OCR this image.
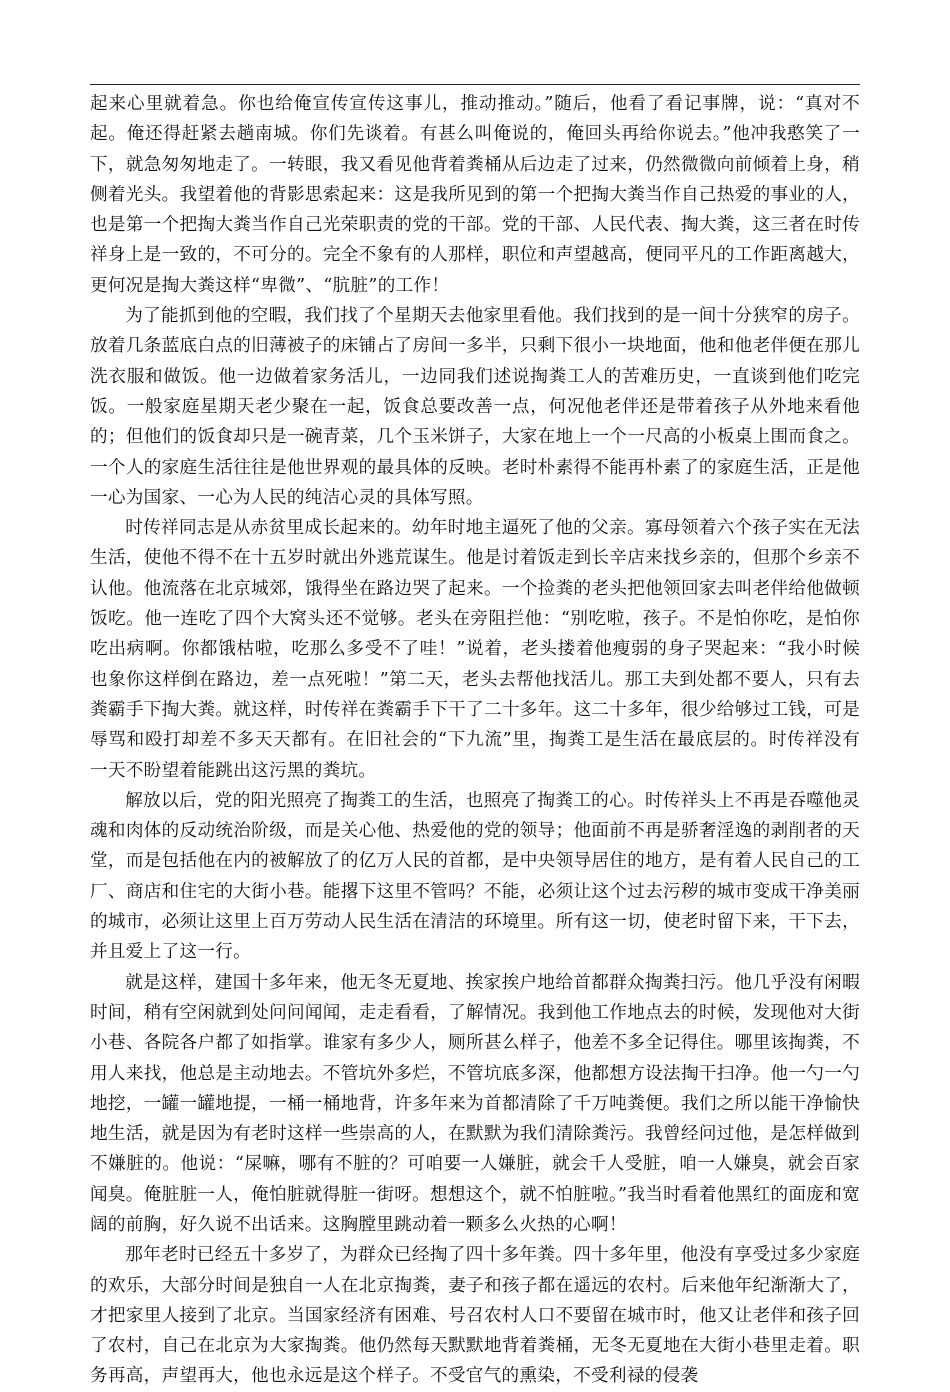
起来心里就着急。你也给俺宣传宣传这事儿，推动推动。”随后，他看了看记事牌，说：“真对不起。俺还得赶紧去趟南城。你们先谈着。有甚么叫俺说的，俺回头再给你说去。”他冲我憨笑了一下，就急匆匆地走了。一转眼，我又看见他背着粪桶从后边走了过来，仍然微微向前倾着上身，稍侧着光头。我望着他的背影思索起来：这是我所见到的第一个把掏大粪当作自己热爱的事业的人，也是第一个把掏大粪当作自己光荣职责的党的干部。党的干部、人民代表、掏大粪，这三者在时传祥身上是一致的，不可分的。完全不象有的人那样，职位和声望越高，便同平凡的工作距离越大，更何况是掏大粪这样“卑微”、“肮脏”的工作！

为了能抓到他的空暇，我们找了个星期天去他家里看他。我们找到的是一间十分狭窄的房子。放着几条蓝底白点的旧薄被子的床铺占了房间一多半，只剩下很小一块地面，他和他老伴便在那儿洗衣服和做饭。他一边做着家务活儿，一边同我们述说掏粪工人的苦难历史，一直谈到他们吃完饭。一般家庭星期天老少聚在一起，饭食总要改善一点，何况他老伴还是带着孩子从外地来看他的；但他们的饭食却只是一碗青菜，几个玉米饼子，大家在地上一个一尺高的小板桌上围而食之。一个人的家庭生活往往是他世界观的最具体的反映。老时朴素得不能再朴素了的家庭生活，正是他一心为国家、一心为人民的纯洁心灵的具体写照。

时传祥同志是从赤贫里成长起来的。幼年时地主逼死了他的父亲。寡母领着六个孩子实在无法生活，使他不得不在十五岁时就出外逃荒谋生。他是讨着饭走到长辛店来找乡亲的，但那个乡亲不认他。他流落在北京城郊，饿得坐在路边哭了起来。一个捡粪的老头把他领回家去叫老伴给他做顿饭吃。他一连吃了四个大窝头还不觉够。老头在旁阻拦他：“别吃啦，孩子。不是怕你吃，是怕你吃出病啊。你都饿枯啦，吃那么多受不了哇！”说着，老头搂着他瘦弱的身子哭起来：“我小时候也象你这样倒在路边，差一点死啦！”第二天，老头去帮他找活儿。那工夫到处都不要人，只有去粪霸手下掏大粪。就这样，时传祥在粪霸手下干了二十多年。这二十多年，很少给够过工钱，可是辱骂和殴打却差不多天天都有。在旧社会的“下九流”里，掏粪工是生活在最底层的。时传祥没有一天不盼望着能跳出这污黑的粪坑。

解放以后，党的阳光照亮了掏粪工的生活，也照亮了掏粪工的心。时传祥头上不再是吞噬他灵魂和肉体的反动统治阶级，而是关心他、热爱他的党的领导；他面前不再是骄奢淫逸的剥削者的天堂，而是包括他在内的被解放了的亿万人民的首都，是中央领导居住的地方，是有着人民自己的工厂、商店和住宅的大街小巷。能撂下这里不管吗？不能，必须让这个过去污秽的城市变成干净美丽的城市，必须让这里上百万劳动人民生活在清洁的环境里。所有这一切，使老时留下来，干下去，并且爱上了这一行。

就是这样，建国十多年来，他无冬无夏地、挨家挨户地给首都群众掏粪扫污。他几乎没有闲暇时间，稍有空闲就到处问问闻闻，走走看看，了解情况。我到他工作地点去的时候，发现他对大街小巷、各院各户都了如指掌。谁家有多少人，厕所甚么样子，他差不多全记得住。哪里该掏粪，不用人来找，他总是主动地去。不管坑外多烂，不管坑底多深，他都想方设法掏干扫净。他一勺一勺地挖，一罐一罐地提，一桶一桶地背，许多年来为首都清除了千万吨粪便。我们之所以能干净愉快地生活，就是因为有老时这样一些崇高的人，在默默为我们清除粪污。我曾经问过他，是怎样做到不嫌脏的。他说：“屎嘛，哪有不脏的？可咱要一人嫌脏，就会千人受脏，咱一人嫌臭，就会百家闻臭。俺脏脏一人，俺怕脏就得脏一街呀。想想这个，就不怕脏啦。”我当时看着他黑红的面庞和宽阔的前胸，好久说不出话来。这胸膛里跳动着一颗多么火热的心啊！

那年老时已经五十多岁了，为群众已经掏了四十多年粪。四十多年里，他没有享受过多少家庭的欢乐，大部分时间是独自一人在北京掏粪，妻子和孩子都在遥远的农村。后来他年纪渐渐大了，才把家里人接到了北京。当国家经济有困难、号召农村人口不要留在城市时，他又让老伴和孩子回了农村，自己在北京为大家掏粪。他仍然每天默默地背着粪桶，无冬无夏地在大街小巷里走着。职务再高，声望再大，他也永远是这个样子。不受官气的熏染，不受利禄的侵袭
